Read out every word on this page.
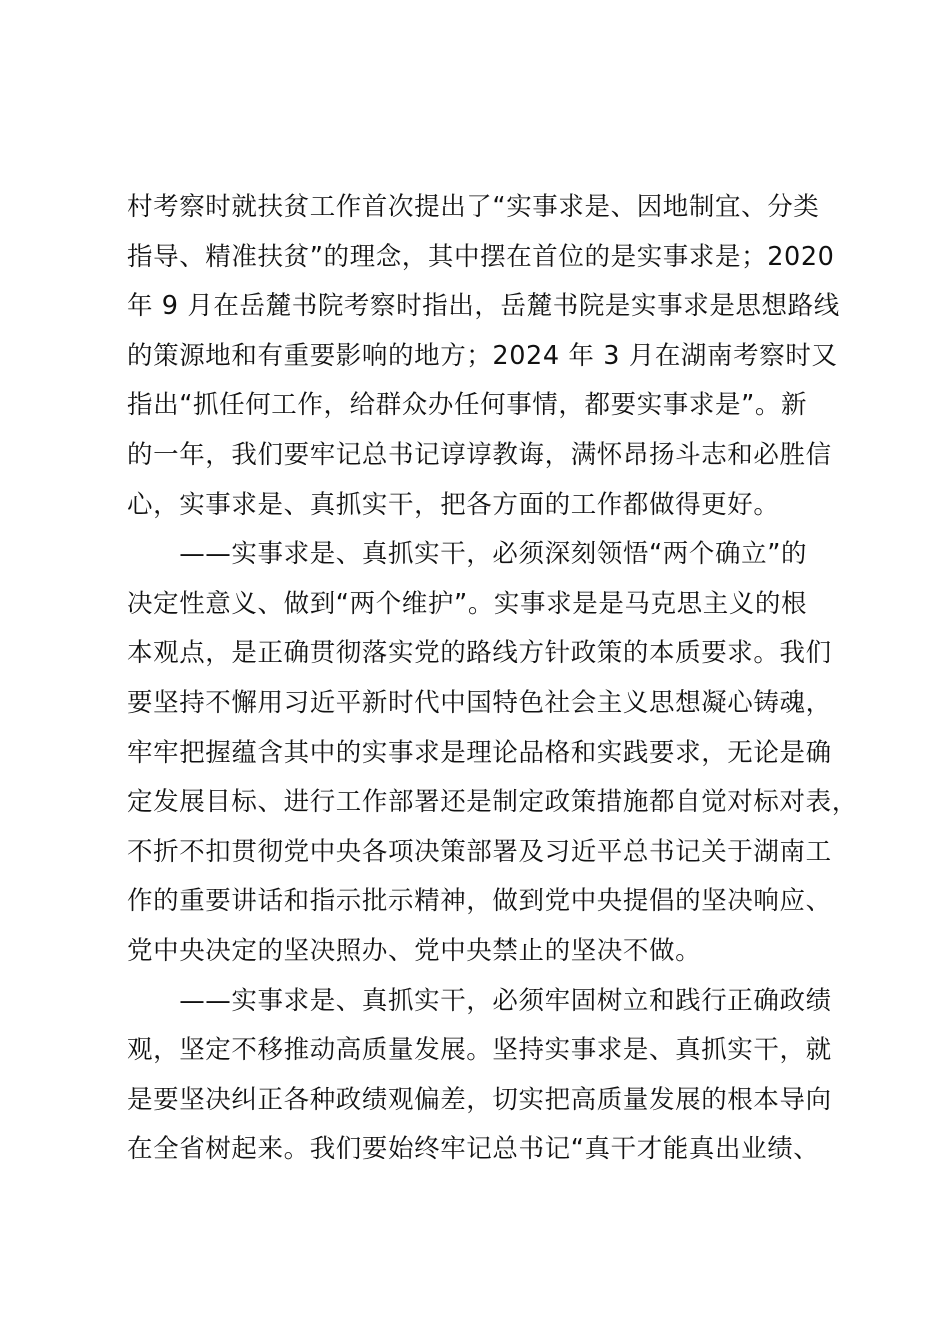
村考察时就扶贫工作首次提出了“实事求是、因地制宜、分类
指导、精准扶贫”的理念，其中摆在首位的是实事求是；2020
年 9 月在岳麓书院考察时指出，岳麓书院是实事求是思想路线
的策源地和有重要影响的地方；2024 年 3 月在湖南考察时又
指出“抓任何工作，给群众办任何事情，都要实事求是”。新
的一年，我们要牢记总书记谆谆教诲，满怀昂扬斗志和必胜信
心，实事求是、真抓实干，把各方面的工作都做得更好。
　　——实事求是、真抓实干，必须深刻领悟“两个确立”的
决定性意义、做到“两个维护”。实事求是是马克思主义的根
本观点，是正确贯彻落实党的路线方针政策的本质要求。我们
要坚持不懈用习近平新时代中国特色社会主义思想凝心铸魂，
牢牢把握蕴含其中的实事求是理论品格和实践要求，无论是确
定发展目标、进行工作部署还是制定政策措施都自觉对标对表，
不折不扣贯彻党中央各项决策部署及习近平总书记关于湖南工
作的重要讲话和指示批示精神，做到党中央提倡的坚决响应、
党中央决定的坚决照办、党中央禁止的坚决不做。
　　——实事求是、真抓实干，必须牢固树立和践行正确政绩
观，坚定不移推动高质量发展。坚持实事求是、真抓实干，就
是要坚决纠正各种政绩观偏差，切实把高质量发展的根本导向
在全省树起来。我们要始终牢记总书记“真干才能真出业绩、
